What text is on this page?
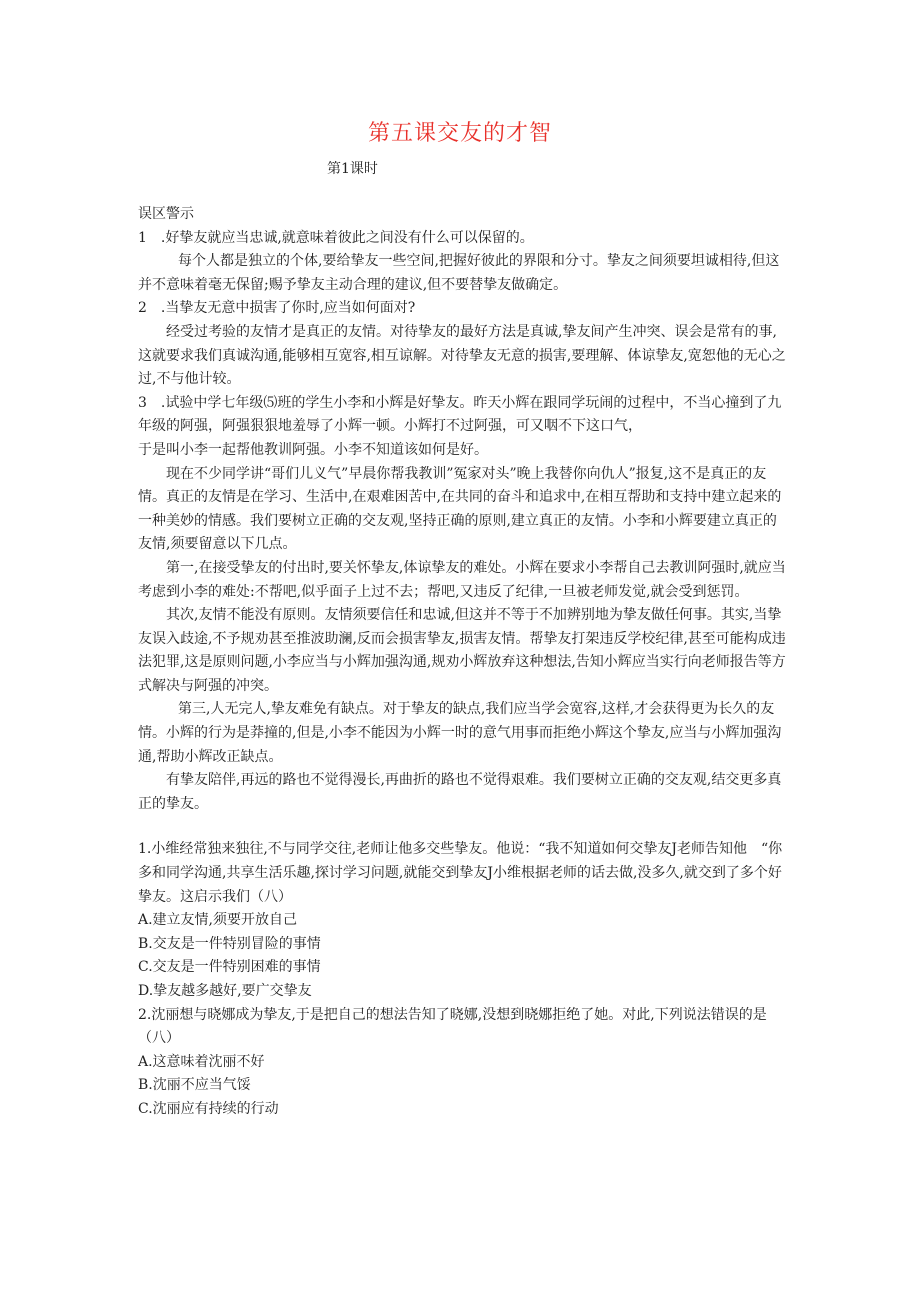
第五课交友的才智
第1课时

误区警示

1　.好挚友就应当忠诚,就意味着彼此之间没有什么可以保留的。

每个人都是独立的个体,要给挚友一些空间,把握好彼此的界限和分寸。挚友之间须要坦诚相待,但这并不意味着毫无保留;赐予挚友主动合理的建议,但不要替挚友做确定。

2　.当挚友无意中损害了你时,应当如何面对?

经受过考验的友情才是真正的友情。对待挚友的最好方法是真诚,挚友间产生冲突、误会是常有的事,这就要求我们真诚沟通,能够相互宽容,相互谅解。对待挚友无意的损害,要理解、体谅挚友,宽恕他的无心之过,不与他计较。

3　.试验中学七年级⑸班的学生小李和小辉是好挚友。昨天小辉在跟同学玩闹的过程中，不当心撞到了九年级的阿强，阿强狠狠地羞辱了小辉一顿。小辉打不过阿强，可又咽不下这口气，

于是叫小李一起帮他教训阿强。小李不知道该如何是好。

现在不少同学讲“哥们儿义气”早晨你帮我教训”冤家对头”晚上我替你向仇人”报复,这不是真正的友情。真正的友情是在学习、生活中,在艰难困苦中,在共同的奋斗和追求中,在相互帮助和支持中建立起来的一种美妙的情感。我们要树立正确的交友观,坚持正确的原则,建立真正的友情。小李和小辉要建立真正的友情,须要留意以下几点。

第一,在接受挚友的付出时,要关怀挚友,体谅挚友的难处。小辉在要求小李帮自己去教训阿强时,就应当考虑到小李的难处:不帮吧,似乎面子上过不去；帮吧,又违反了纪律,一旦被老师发觉,就会受到惩罚。

其次,友情不能没有原则。友情须要信任和忠诚,但这并不等于不加辨别地为挚友做任何事。其实,当挚友误入歧途,不予规劝甚至推波助澜,反而会损害挚友,损害友情。帮挚友打架违反学校纪律,甚至可能构成违法犯罪,这是原则问题,小李应当与小辉加强沟通,规劝小辉放弃这种想法,告知小辉应当实行向老师报告等方式解决与阿强的冲突。

第三,人无完人,挚友难免有缺点。对于挚友的缺点,我们应当学会宽容,这样,才会获得更为长久的友情。小辉的行为是莽撞的,但是,小李不能因为小辉一时的意气用事而拒绝小辉这个挚友,应当与小辉加强沟通,帮助小辉改正缺点。

有挚友陪伴,再远的路也不觉得漫长,再曲折的路也不觉得艰难。我们要树立正确的交友观,结交更多真正的挚友。

1.小维经常独来独往,不与同学交往,老师让他多交些挚友。他说：“我不知道如何交挚友J老师告知他　“你多和同学沟通,共享生活乐趣,探讨学习问题,就能交到挚友J小维根据老师的话去做,没多久,就交到了多个好挚友。这启示我们（八）

A.建立友情,须要开放自己

B.交友是一件特别冒险的事情

C.交友是一件特别困难的事情

D.挚友越多越好,要广交挚友

2.沈丽想与晓娜成为挚友,于是把自己的想法告知了晓娜,没想到晓娜拒绝了她。对此,下列说法错误的是（八）

A.这意味着沈丽不好

B.沈丽不应当气馁

C.沈丽应有持续的行动
